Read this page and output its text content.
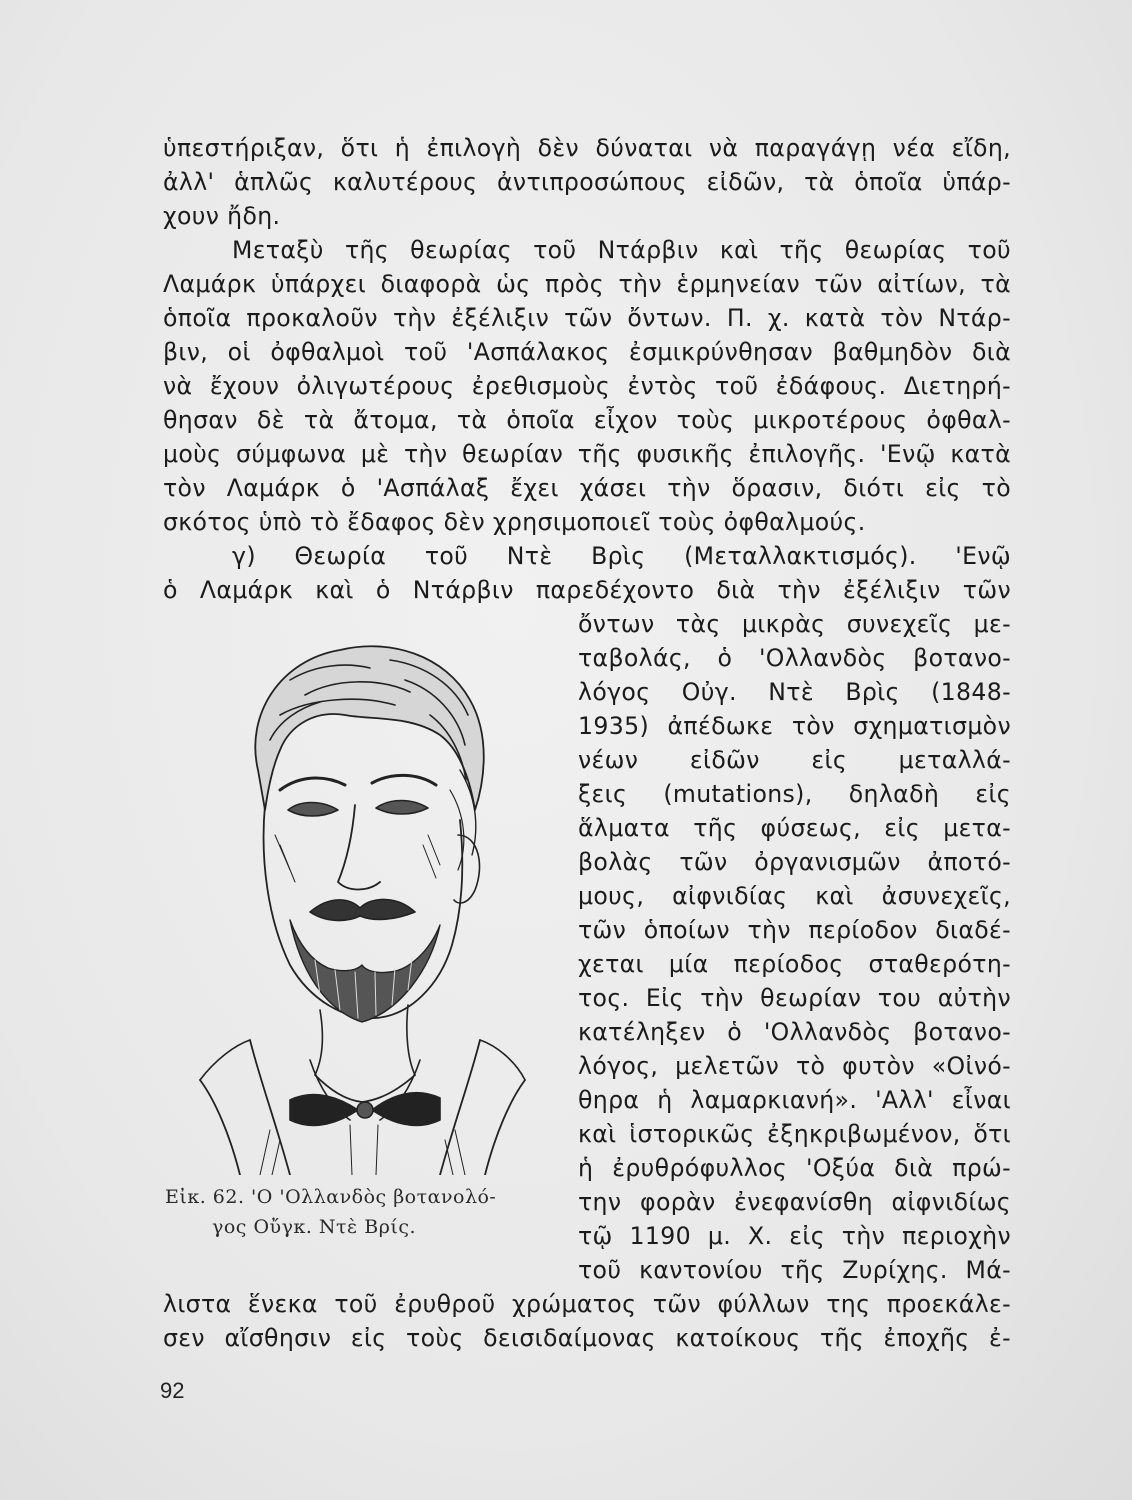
ὑπεστήριξαν, ὅτι ἡ ἐπιλογὴ δὲν δύναται νὰ παραγάγῃ νέα εἴδη,
ἀλλ' ἁπλῶς καλυτέρους ἀντιπροσώπους εἰδῶν, τὰ ὁποῖα ὑπάρ-
χουν ἤδη.
Μεταξὺ τῆς θεωρίας τοῦ Ντάρβιν καὶ τῆς θεωρίας τοῦ
Λαμάρκ ὑπάρχει διαφορὰ ὡς πρὸς τὴν ἑρμηνείαν τῶν αἰτίων, τὰ
ὁποῖα προκαλοῦν τὴν ἐξέλιξιν τῶν ὄντων. Π. χ. κατὰ τὸν Ντάρ-
βιν, οἱ ὀφθαλμοὶ τοῦ 'Ασπάλακος ἐσμικρύνθησαν βαθμηδὸν διὰ
νὰ ἔχουν ὀλιγωτέρους ἐρεθισμοὺς ἐντὸς τοῦ ἐδάφους. Διετηρή-
θησαν δὲ τὰ ἄτομα, τὰ ὁποῖα εἶχον τοὺς μικροτέρους ὀφθαλ-
μοὺς σύμφωνα μὲ τὴν θεωρίαν τῆς φυσικῆς ἐπιλογῆς. 'Ενῷ κατὰ
τὸν Λαμάρκ ὁ 'Ασπάλαξ ἔχει χάσει τὴν ὅρασιν, διότι εἰς τὸ
σκότος ὑπὸ τὸ ἔδαφος δὲν χρησιμοποιεῖ τοὺς ὀφθαλμούς.
γ) Θεωρία τοῦ Ντὲ Βρὶς (Μεταλλακτισμός). 'Ενῷ
ὁ Λαμάρκ καὶ ὁ Ντάρβιν παρεδέχοντο διὰ τὴν ἐξέλιξιν τῶν
ὄντων τὰς μικρὰς συνεχεῖς με-
ταβολάς, ὁ 'Ολλανδὸς βοτανο-
λόγος Οὐγ. Ντὲ Βρὶς (1848-
1935) ἀπέδωκε τὸν σχηματισμὸν
νέων εἰδῶν εἰς μεταλλά-
ξεις (mutations), δηλαδὴ εἰς
ἅλματα τῆς φύσεως, εἰς μετα-
βολὰς τῶν ὀργανισμῶν ἀποτό-
μους, αἰφνιδίας καὶ ἀσυνεχεῖς,
τῶν ὁποίων τὴν περίοδον διαδέ-
χεται μία περίοδος σταθερότη-
τος. Εἰς τὴν θεωρίαν του αὐτὴν
κατέληξεν ὁ 'Ολλανδὸς βοτανο-
λόγος, μελετῶν τὸ φυτὸν «Οἰνό-
θηρα ἡ λαμαρκιανή». 'Αλλ' εἶναι
καὶ ἱστορικῶς ἐξηκριβωμένον, ὅτι
ἡ ἐρυθρόφυλλος 'Οξύα διὰ πρώ-
την φορὰν ἐνεφανίσθη αἰφνιδίως
τῷ 1190 μ. Χ. εἰς τὴν περιοχὴν
τοῦ καντονίου τῆς Ζυρίχης. Μά-
λιστα ἕνεκα τοῦ ἐρυθροῦ χρώματος τῶν φύλλων της προεκάλε-
σεν αἴσθησιν εἰς τοὺς δεισιδαίμονας κατοίκους τῆς ἐποχῆς ἐ-
Εἰκ. 62. 'Ο 'Ολλανδὸς βοτανολό-
γος Οὔγκ. Ντὲ Βρίς.
92
